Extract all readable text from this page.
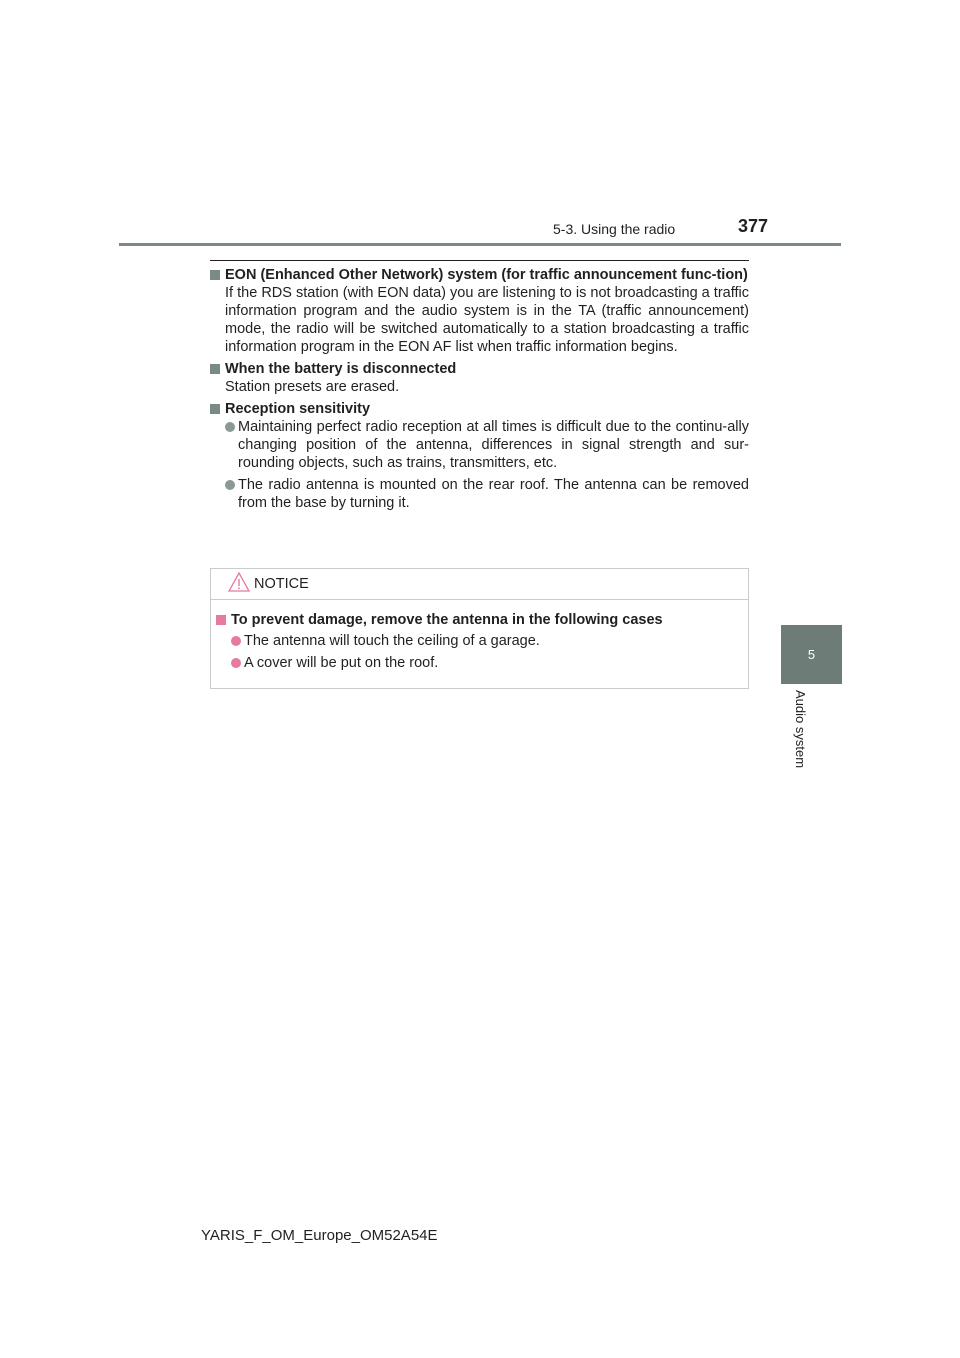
5-3. Using the radio	377
5
Audio system
EON (Enhanced Other Network) system (for traffic announcement func-tion)
If the RDS station (with EON data) you are listening to is not broadcasting a traffic information program and the audio system is in the TA (traffic announcement) mode, the radio will be switched automatically to a station broadcasting a traffic information program in the EON AF list when traffic information begins.
When the battery is disconnected
Station presets are erased.
Reception sensitivity
Maintaining perfect radio reception at all times is difficult due to the continu-ally changing position of the antenna, differences in signal strength and sur-rounding objects, such as trains, transmitters, etc.
The radio antenna is mounted on the rear roof. The antenna can be removed from the base by turning it.
NOTICE
To prevent damage, remove the antenna in the following cases
The antenna will touch the ceiling of a garage.
A cover will be put on the roof.
YARIS_F_OM_Europe_OM52A54E
